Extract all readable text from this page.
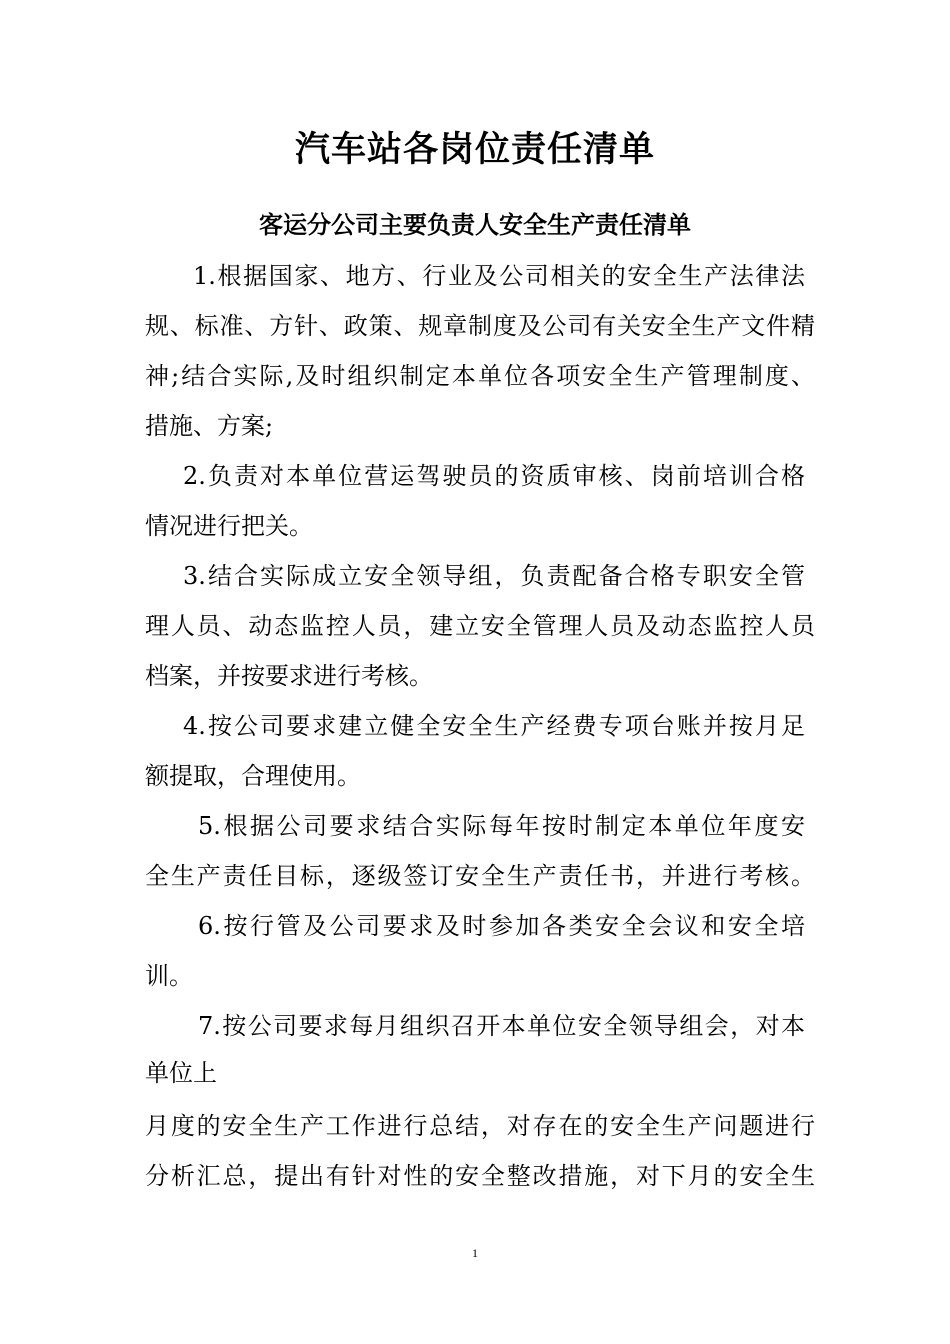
汽车站各岗位责任清单
客运分公司主要负责人安全生产责任清单
1.根据国家、地方、行业及公司相关的安全生产法律法
规、标准、方针、政策、规章制度及公司有关安全生产文件精
神;结合实际,及时组织制定本单位各项安全生产管理制度、
措施、方案;
2.负责对本单位营运驾驶员的资质审核、岗前培训合格
情况进行把关。
3.结合实际成立安全领导组，负责配备合格专职安全管
理人员、动态监控人员，建立安全管理人员及动态监控人员
档案，并按要求进行考核。
4.按公司要求建立健全安全生产经费专项台账并按月足
额提取，合理使用。
5.根据公司要求结合实际每年按时制定本单位年度安
全生产责任目标，逐级签订安全生产责任书，并进行考核。
6.按行管及公司要求及时参加各类安全会议和安全培
训。
7.按公司要求每月组织召开本单位安全领导组会，对本
单位上
月度的安全生产工作进行总结，对存在的安全生产问题进行
分析汇总，提出有针对性的安全整改措施，对下月的安全生
1
